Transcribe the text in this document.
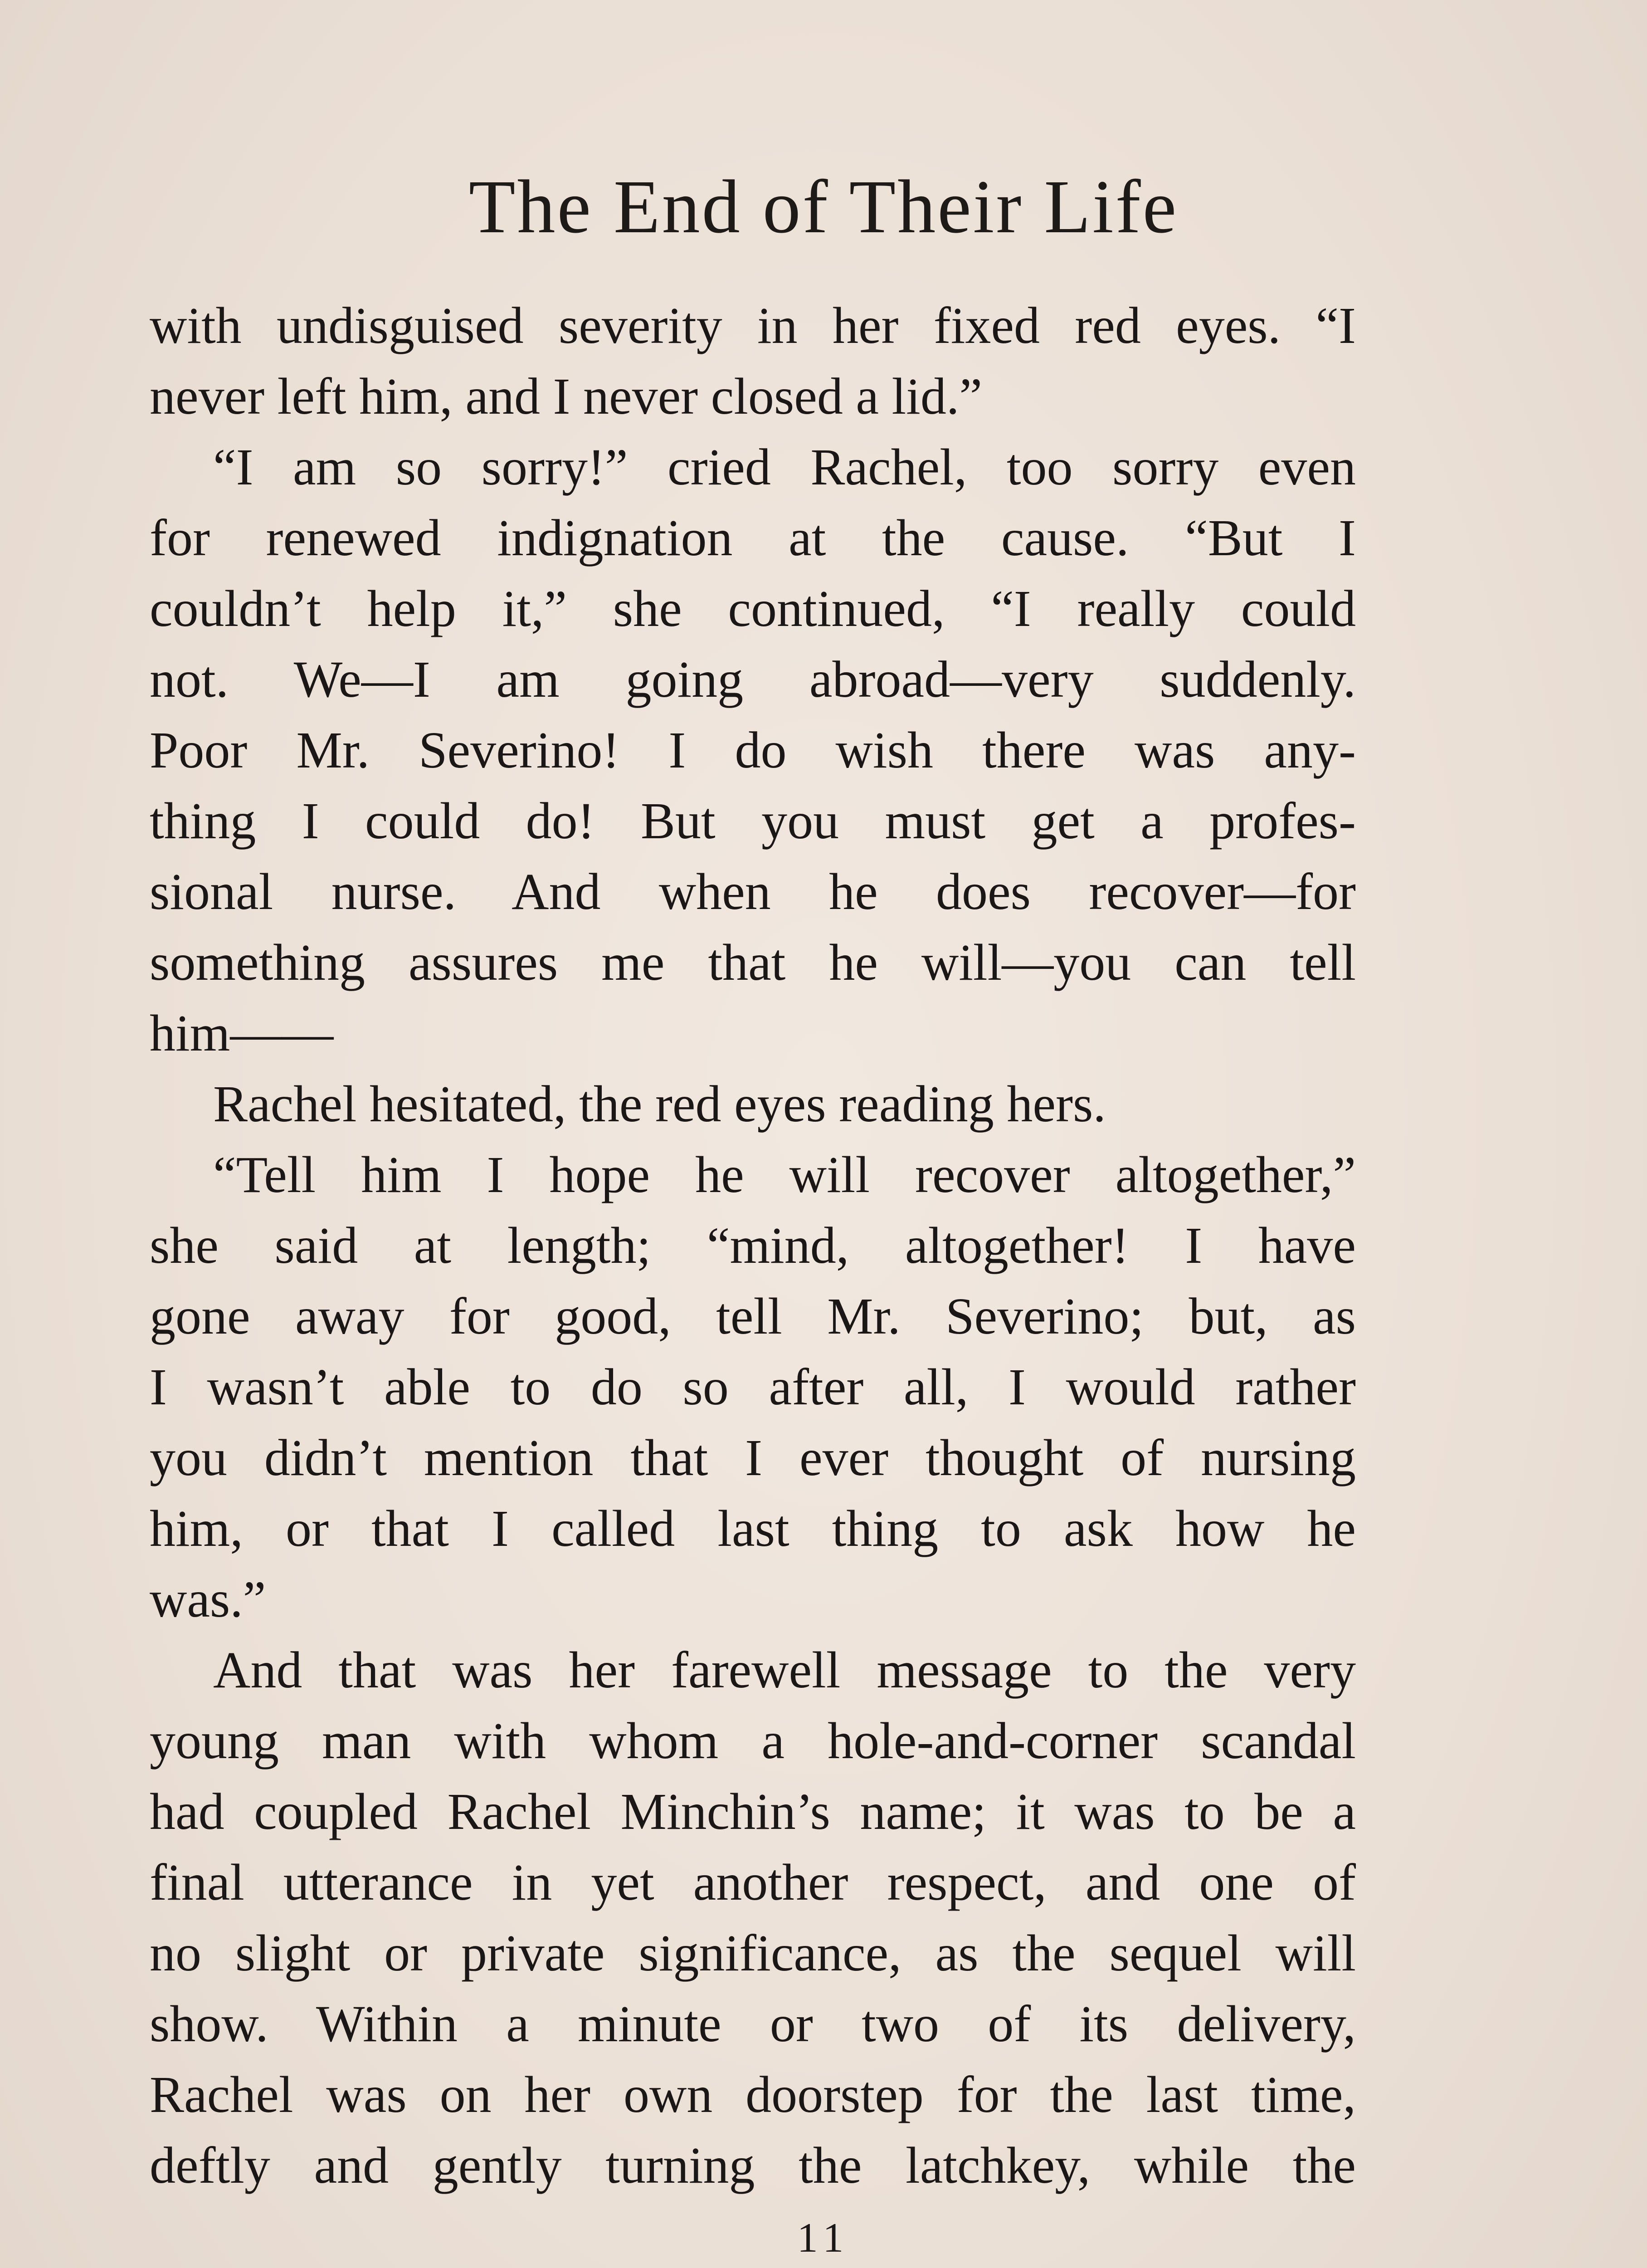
The End of Their Life
with undisguised severity in her fixed red eyes. “I
never left him, and I never closed a lid.”
“I am so sorry!” cried Rachel, too sorry even
for renewed indignation at the cause. “But I
couldn’t help it,” she continued, “I really could
not. We—I am going abroad—very suddenly.
Poor Mr. Severino! I do wish there was any-
thing I could do! But you must get a profes-
sional nurse. And when he does recover—for
something assures me that he will—you can tell
him——
Rachel hesitated, the red eyes reading hers.
“Tell him I hope he will recover altogether,”
she said at length; “mind, altogether! I have
gone away for good, tell Mr. Severino; but, as
I wasn’t able to do so after all, I would rather
you didn’t mention that I ever thought of nursing
him, or that I called last thing to ask how he
was.”
And that was her farewell message to the very
young man with whom a hole-and-corner scandal
had coupled Rachel Minchin’s name; it was to be a
final utterance in yet another respect, and one of
no slight or private significance, as the sequel will
show. Within a minute or two of its delivery,
Rachel was on her own doorstep for the last time,
deftly and gently turning the latchkey, while the
11
